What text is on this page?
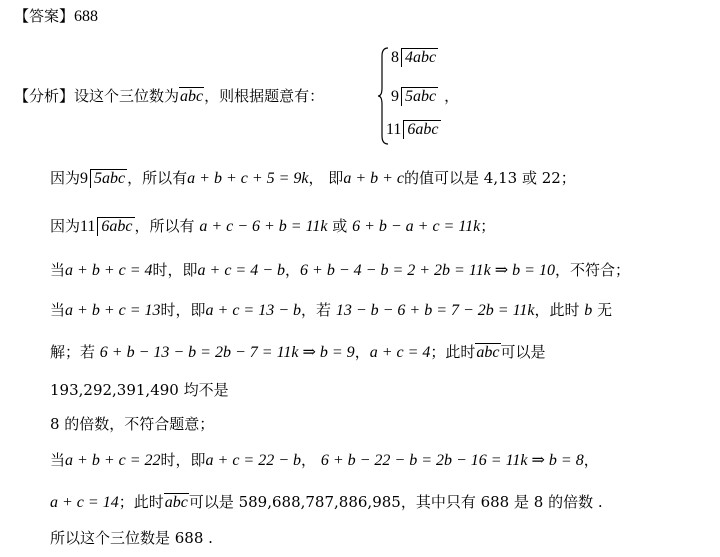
【答案】688
【分析】设这个三位数为abc，则根据题意有：
8 4abc
9 5abc ，
11 6abc
因为9 5abc ，所以有a + b + c + 5 = 9k， 即a + b + c的值可以是 4,13 或 22；
因为11 6abc ，所以有 a + c − 6 + b = 11k 或 6 + b − a + c = 11k；
当a + b + c = 4时，即a + c = 4 − b，6 + b − 4 − b = 2 + 2b = 11k ⇒ b = 10，不符合；
当a + b + c = 13时，即a + c = 13 − b，若 13 − b − 6 + b = 7 − 2b = 11k，此时 b 无
解；若 6 + b − 13 − b = 2b − 7 = 11k ⇒ b = 9，a + c = 4；此时abc可以是
193,292,391,490 均不是
8 的倍数，不符合题意；
当a + b + c = 22时，即a + c = 22 − b， 6 + b − 22 − b = 2b − 16 = 11k ⇒ b = 8，
a + c = 14；此时abc可以是 589,688,787,886,985，其中只有 688 是 8 的倍数 .
所以这个三位数是 688 .
